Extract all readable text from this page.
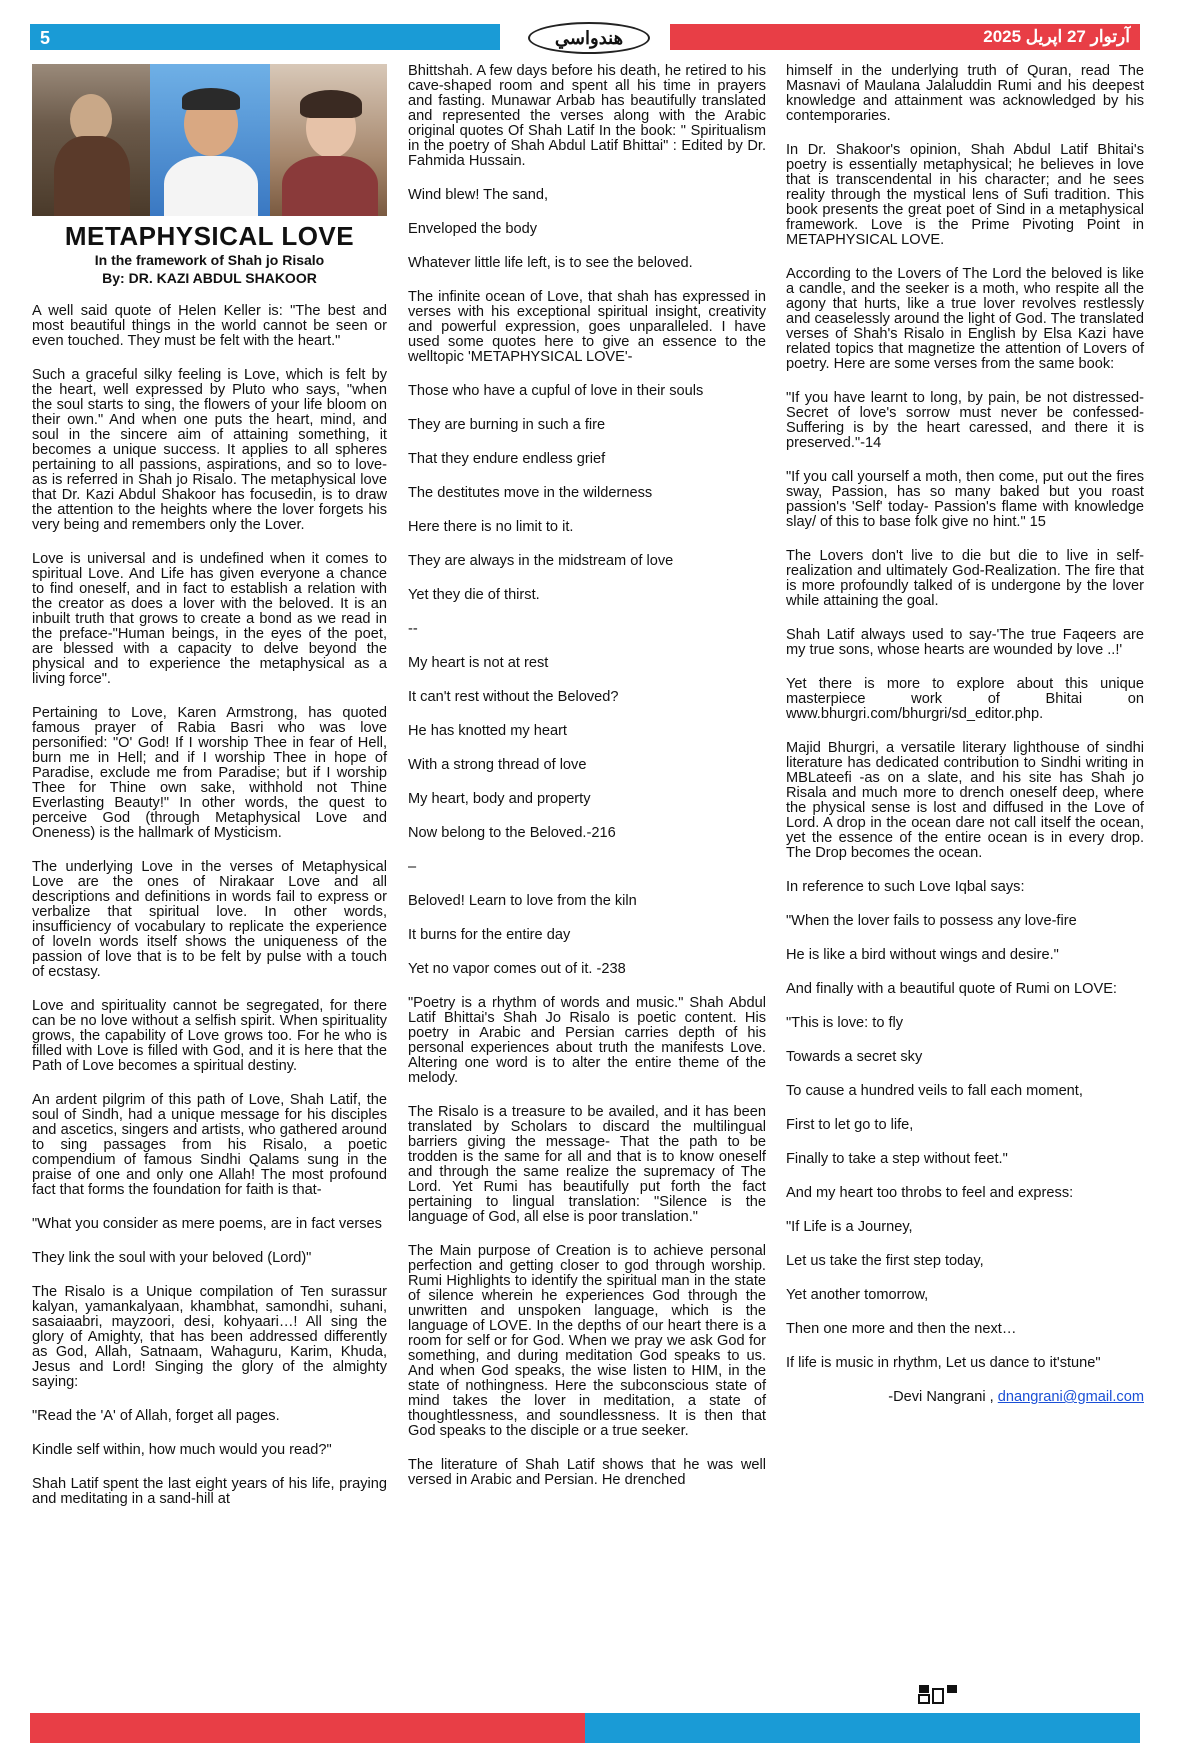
5	آرتوار 27 اپريل 2025
هندواسي
METAPHYSICAL LOVE
In the framework of Shah jo Risalo
By: DR. KAZI ABDUL SHAKOOR

A well said quote of Helen Keller is: "The best and most beautiful things in the world cannot be seen or even touched. They must be felt with the heart."

Such a graceful silky feeling is Love, which is felt by the heart, well expressed by Pluto who says, "when the soul starts to sing, the flowers of your life bloom on their own." And when one puts the heart, mind, and soul in the sincere aim of attaining something, it becomes a unique success. It applies to all spheres pertaining to all passions, aspirations, and so to love-as is referred in Shah jo Risalo. The metaphysical love that Dr. Kazi Abdul Shakoor has focusedin, is to draw the attention to the heights where the lover forgets his very being and remembers only the Lover.

Love is universal and is undefined when it comes to spiritual Love. And Life has given everyone a chance to find oneself, and in fact to establish a relation with the creator as does a lover with the beloved. It is an inbuilt truth that grows to create a bond as we read in the preface-"Human beings, in the eyes of the poet, are blessed with a capacity to delve beyond the physical and to experience the metaphysical as a living force".

Pertaining to Love, Karen Armstrong, has quoted famous prayer of Rabia Basri who was love personified: "O' God! If I worship Thee in fear of Hell, burn me in Hell; and if I worship Thee in hope of Paradise, exclude me from Paradise; but if I worship Thee for Thine own sake, withhold not Thine Everlasting Beauty!" In other words, the quest to perceive God (through Metaphysical Love and Oneness) is the hallmark of Mysticism.

The underlying Love in the verses of Metaphysical Love are the ones of Nirakaar Love and all descriptions and definitions in words fail to express or verbalize that spiritual love. In other words, insufficiency of vocabulary to replicate the experience of loveIn words itself shows the uniqueness of the passion of love that is to be felt by pulse with a touch of ecstasy.

Love and spirituality cannot be segregated, for there can be no love without a selfish spirit. When spirituality grows, the capability of Love grows too. For he who is filled with Love is filled with God, and it is here that the Path of Love becomes a spiritual destiny.

An ardent pilgrim of this path of Love, Shah Latif, the soul of Sindh, had a unique message for his disciples and ascetics, singers and artists, who gathered around to sing passages from his Risalo, a poetic compendium of famous Sindhi Qalams sung in the praise of one and only one Allah! The most profound fact that forms the foundation for faith is that-

"What you consider as mere poems, are in fact verses

They link the soul with your beloved (Lord)"

The Risalo is a Unique compilation of Ten surassur kalyan, yamankalyaan, khambhat, samondhi, suhani, sasaiaabri, mayzoori, desi, kohyaari…! All sing the glory of Amighty, that has been addressed differently as God, Allah, Satnaam, Wahaguru, Karim, Khuda, Jesus and Lord! Singing the glory of the almighty saying:

"Read the 'A' of Allah, forget all pages.

Kindle self within, how much would you read?"

Shah Latif spent the last eight years of his life, praying and meditating in a sand-hill at

Bhittshah. A few days before his death, he retired to his cave-shaped room and spent all his time in prayers and fasting. Munawar Arbab has beautifully translated and represented the verses along with the Arabic original quotes Of Shah Latif In the book: " Spiritualism in the poetry of Shah Abdul Latif Bhittai" : Edited by Dr. Fahmida Hussain.

Wind blew! The sand,

Enveloped the body

Whatever little life left, is to see the beloved.

The infinite ocean of Love, that shah has expressed in verses with his exceptional spiritual insight, creativity and powerful expression, goes unparalleled. I have used some quotes here to give an essence to the welltopic 'METAPHYSICAL LOVE'-

Those who have a cupful of love in their souls

They are burning in such a fire

That they endure endless grief

The destitutes move in the wilderness

Here there is no limit to it.

They are always in the midstream of love

Yet they die of thirst.

--

My heart is not at rest

It can't rest without the Beloved?

He has knotted my heart

With a strong thread of love

My heart, body and property

Now belong to the Beloved.-216

–

Beloved! Learn to love from the kiln

It burns for the entire day

Yet no vapor comes out of it. -238

"Poetry is a rhythm of words and music." Shah Abdul Latif Bhittai's Shah Jo Risalo is poetic content. His poetry in Arabic and Persian carries depth of his personal experiences about truth the manifests Love. Altering one word is to alter the entire theme of the melody.

The Risalo is a treasure to be availed, and it has been translated by Scholars to discard the multilingual barriers giving the message- That the path to be trodden is the same for all and that is to know oneself and through the same realize the supremacy of The Lord. Yet Rumi has beautifully put forth the fact pertaining to lingual translation: "Silence is the language of God, all else is poor translation."

The Main purpose of Creation is to achieve personal perfection and getting closer to god through worship. Rumi Highlights to identify the spiritual man in the state of silence wherein he experiences God through the unwritten and unspoken language, which is the language of LOVE. In the depths of our heart there is a room for self or for God. When we pray we ask God for something, and during meditation God speaks to us. And when God speaks, the wise listen to HIM, in the state of nothingness. Here the subconscious state of mind takes the lover in meditation, a state of thoughtlessness, and soundlessness. It is then that God speaks to the disciple or a true seeker.

The literature of Shah Latif shows that he was well versed in Arabic and Persian. He drenched

himself in the underlying truth of Quran, read The Masnavi of Maulana Jalaluddin Rumi and his deepest knowledge and attainment was acknowledged by his contemporaries.

In Dr. Shakoor's opinion, Shah Abdul Latif Bhitai's poetry is essentially metaphysical; he believes in love that is transcendental in his character; and he sees reality through the mystical lens of Sufi tradition. This book presents the great poet of Sind in a metaphysical framework. Love is the Prime Pivoting Point in METAPHYSICAL LOVE.

According to the Lovers of The Lord the beloved is like a candle, and the seeker is a moth, who respite all the agony that hurts, like a true lover revolves restlessly and ceaselessly around the light of God. The translated verses of Shah's Risalo in English by Elsa Kazi have related topics that magnetize the attention of Lovers of poetry. Here are some verses from the same book:

"If you have learnt to long, by pain, be not distressed- Secret of love's sorrow must never be confessed- Suffering is by the heart caressed, and there it is preserved."-14

"If you call yourself a moth, then come, put out the fires sway, Passion, has so many baked but you roast passion's 'Self' today- Passion's flame with knowledge slay/ of this to base folk give no hint." 15

The Lovers don't live to die but die to live in self-realization and ultimately God-Realization. The fire that is more profoundly talked of is undergone by the lover while attaining the goal.

Shah Latif always used to say-'The true Faqeers are my true sons, whose hearts are wounded by love ..!'

Yet there is more to explore about this unique masterpiece work of Bhitai on www.bhurgri.com/bhurgri/sd_editor.php.

Majid Bhurgri, a versatile literary lighthouse of sindhi literature has dedicated contribution to Sindhi writing in MBLateefi -as on a slate, and his site has Shah jo Risala and much more to drench oneself deep, where the physical sense is lost and diffused in the Love of Lord. A drop in the ocean dare not call itself the ocean, yet the essence of the entire ocean is in every drop. The Drop becomes the ocean.

In reference to such Love Iqbal says:

"When the lover fails to possess any love-fire

He is like a bird without wings and desire."

And finally with a beautiful quote of Rumi on LOVE:

"This is love: to fly

Towards a secret sky

To cause a hundred veils to fall each moment,

First to let go to life,

Finally to take a step without feet."

And my heart too throbs to feel and express:

"If Life is a Journey,

Let us take the first step today,

Yet another tomorrow,

Then one more and then the next…

If life is music in rhythm, Let us dance to it'stune"

-Devi Nangrani , dnangrani@gmail.com
